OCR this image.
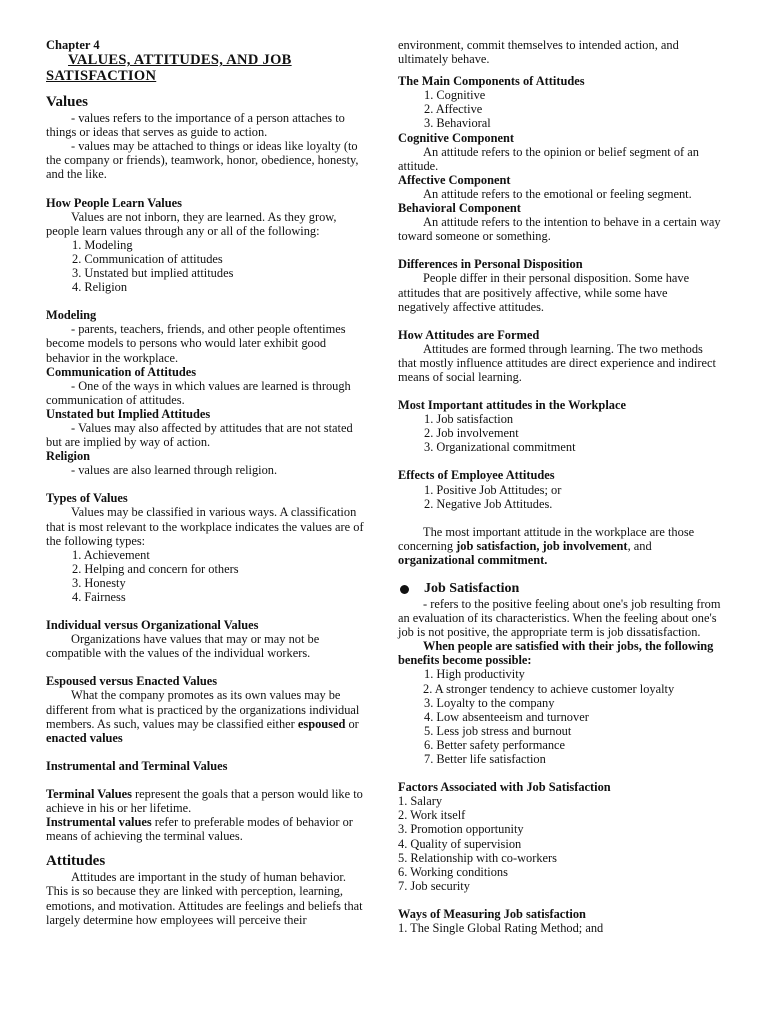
Chapter 4
VALUES, ATTITUDES, AND JOB
SATISFACTION
Values

- values refers to the importance of a person attaches to things or ideas that serves as guide to action.

- values may be attached to things or ideas like loyalty (to the company or friends), teamwork, honor, obedience, honesty, and the like.

How People Learn Values

Values are not inborn, they are learned. As they grow, people learn values through any or all of the following:

1. Modeling
2. Communication of attitudes
3. Unstated but implied attitudes
4. Religion
Modeling

- parents, teachers, friends, and other people oftentimes become models to persons who would later exhibit good behavior in the workplace.

Communication of Attitudes

- One of the ways in which values are learned is through communication of attitudes.

Unstated but Implied Attitudes

- Values may also affected by attitudes that are not stated but are implied by way of action.

Religion

- values are also learned through religion.

Types of Values

Values may be classified in various ways. A classification that is most relevant to the workplace indicates the values are of the following types:

1. Achievement
2. Helping and concern for others
3. Honesty
4. Fairness
Individual versus Organizational Values

Organizations have values that may or may not be compatible with the values of the individual workers.

Espoused versus Enacted Values

What the company promotes as its own values may be different from what is practiced by the organizations individual members. As such, values may be classified either espoused or enacted values

Instrumental and Terminal Values

Terminal Values represent the goals that a person would like to achieve in his or her lifetime.

Instrumental values refer to preferable modes of behavior or means of achieving the terminal values.

Attitudes

Attitudes are important in the study of human behavior. This is so because they are linked with perception, learning, emotions, and motivation. Attitudes are feelings and beliefs that largely determine how employees will perceive their

environment, commit themselves to intended action, and ultimately behave.

The Main Components of Attitudes
1. Cognitive
2. Affective
3. Behavioral
Cognitive Component

An attitude refers to the opinion or belief segment of an attitude.

Affective Component

An attitude refers to the emotional or feeling segment.

Behavioral Component

An attitude refers to the intention to behave in a certain way toward someone or something.

Differences in Personal Disposition

People differ in their personal disposition. Some have attitudes that are positively affective, while some have negatively affective attitudes.

How Attitudes are Formed

Attitudes are formed through learning. The two methods that mostly influence attitudes are direct experience and indirect means of social learning.

Most Important attitudes in the Workplace
1. Job satisfaction
2. Job involvement
3. Organizational commitment
Effects of Employee Attitudes
1. Positive Job Attitudes; or
2. Negative Job Attitudes.

The most important attitude in the workplace are those concerning job satisfaction, job involvement, and organizational commitment.

Job Satisfaction

- refers to the positive feeling about one's job resulting from an evaluation of its characteristics. When the feeling about one's job is not positive, the appropriate term is job dissatisfaction.

When people are satisfied with their jobs, the following benefits become possible:

1. High productivity

2. A stronger tendency to achieve customer loyalty

3. Loyalty to the company
4. Low absenteeism and turnover
5. Less job stress and burnout
6. Better safety performance
7. Better life satisfaction
Factors Associated with Job Satisfaction
1. Salary
2. Work itself
3. Promotion opportunity
4. Quality of supervision
5. Relationship with co-workers
6. Working conditions
7. Job security
Ways of Measuring Job satisfaction
1. The Single Global Rating Method; and
